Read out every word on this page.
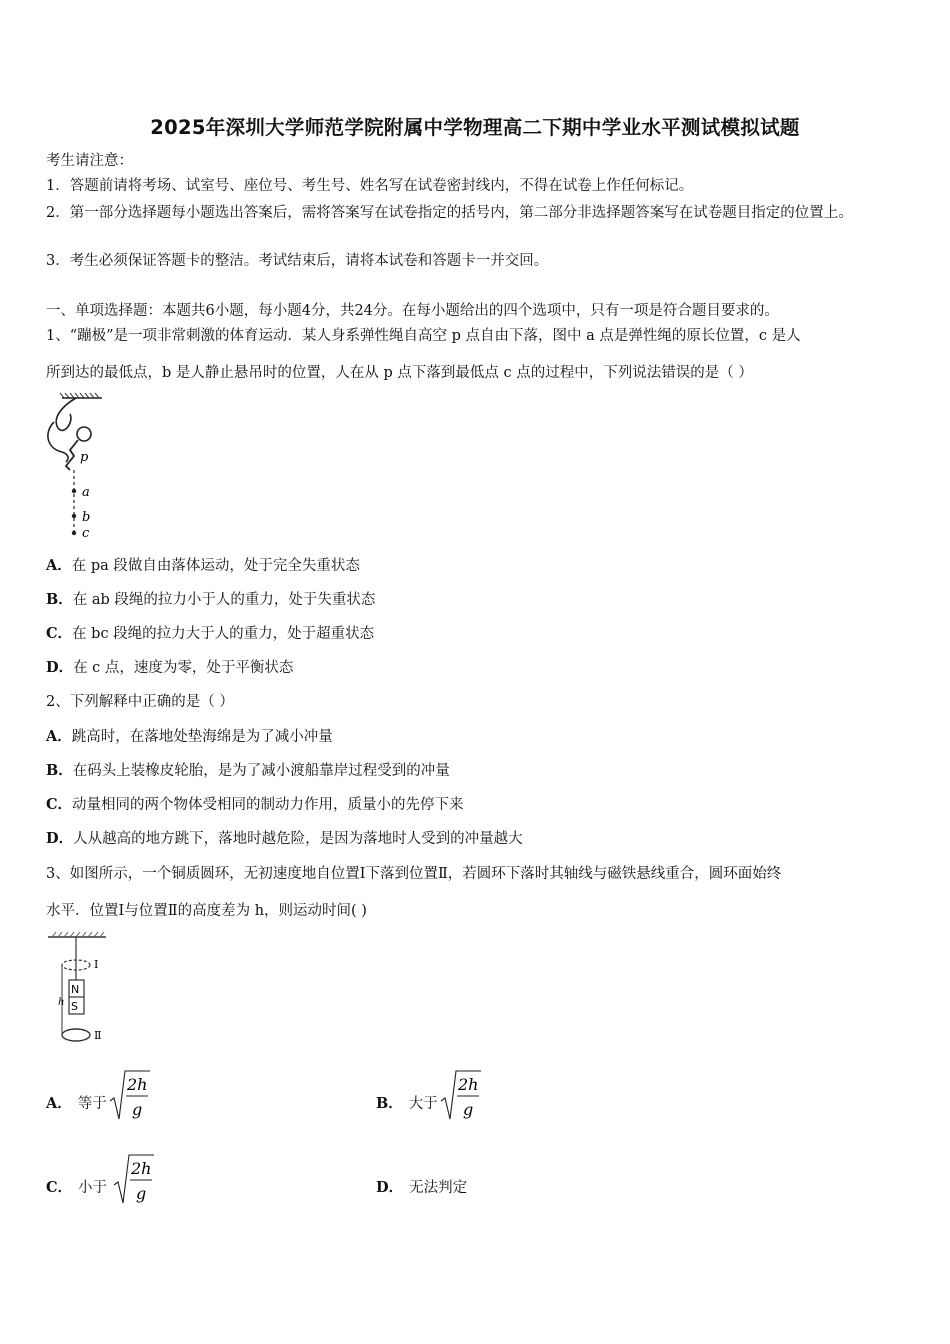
2025年深圳大学师范学院附属中学物理高二下期中学业水平测试模拟试题
考生请注意：
1．答题前请将考场、试室号、座位号、考生号、姓名写在试卷密封线内，不得在试卷上作任何标记。
2．第一部分选择题每小题选出答案后，需将答案写在试卷指定的括号内，第二部分非选择题答案写在试卷题目指定的位置上。
3．考生必须保证答题卡的整洁。考试结束后，请将本试卷和答题卡一并交回。
一、单项选择题：本题共6小题，每小题4分，共24分。在每小题给出的四个选项中，只有一项是符合题目要求的。
1、“蹦极”是一项非常刺激的体育运动．某人身系弹性绳自高空 p 点自由下落，图中 a 点是弹性绳的原长位置，c 是人
所到达的最低点，b 是人静止悬吊时的位置，人在从 p 点下落到最低点 c 点的过程中，下列说法错误的是（ ）
p
a
b
c
A．在 pa 段做自由落体运动，处于完全失重状态
B．在 ab 段绳的拉力小于人的重力，处于失重状态
C．在 bc 段绳的拉力大于人的重力，处于超重状态
D．在 c 点，速度为零，处于平衡状态
2、下列解释中正确的是（ ）
A．跳高时，在落地处垫海绵是为了减小冲量
B．在码头上装橡皮轮胎，是为了减小渡船靠岸过程受到的冲量
C．动量相同的两个物体受相同的制动力作用，质量小的先停下来
D．人从越高的地方跳下，落地时越危险，是因为落地时人受到的冲量越大
3、如图所示，一个铜质圆环，无初速度地自位置Ⅰ下落到位置Ⅱ，若圆环下落时其轴线与磁铁悬线重合，圆环面始终
水平．位置Ⅰ与位置Ⅱ的高度差为 h，则运动时间( )
N
S
h
Ⅰ
Ⅱ
A． 等于
2h
g	B． 大于
2h
g
C． 小于
2h
g	D． 无法判定
